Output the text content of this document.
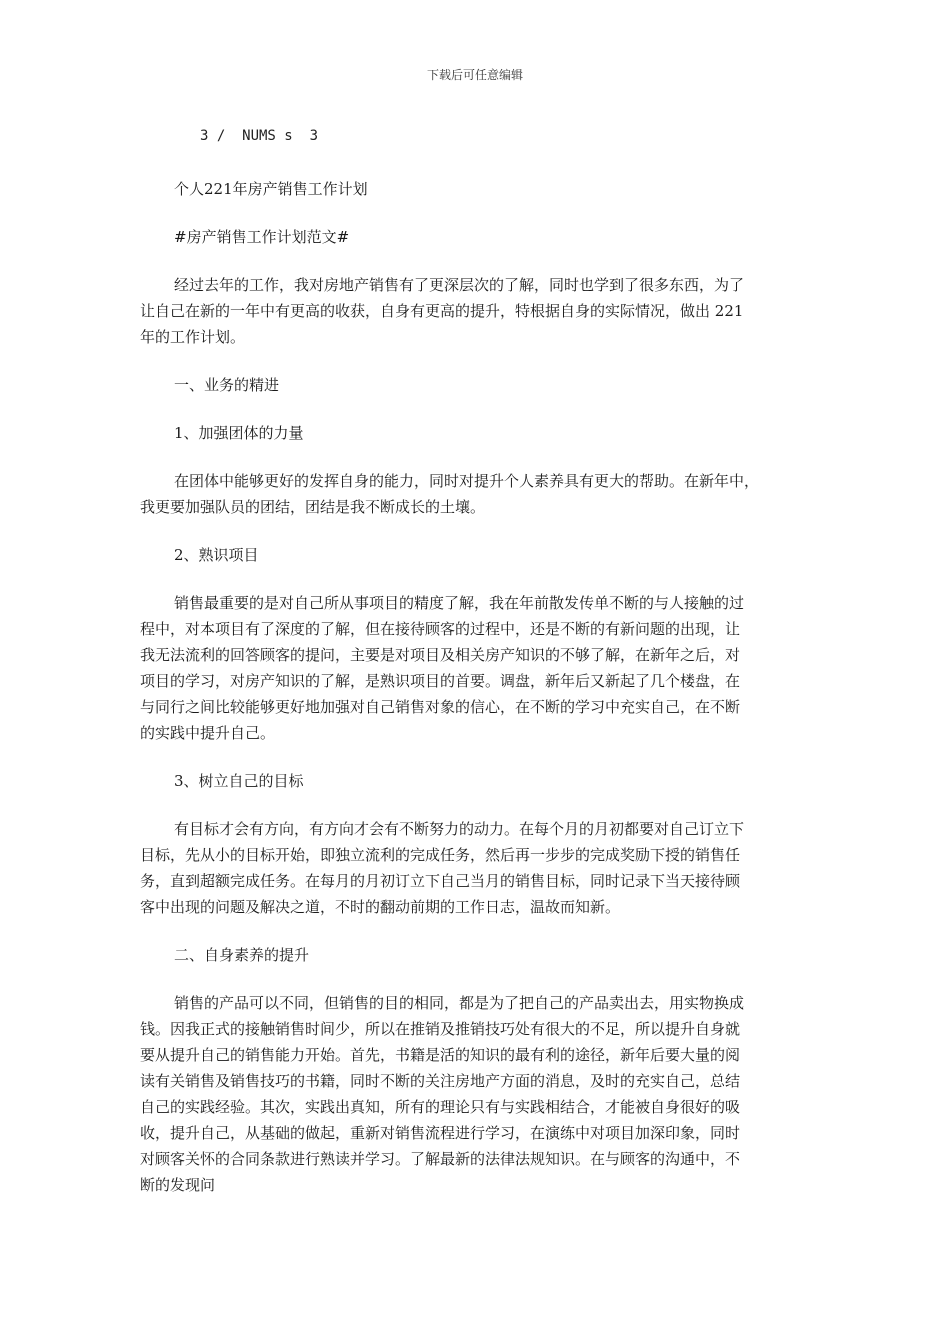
下载后可任意编辑
3 /  NUMS s  3

个人221年房产销售工作计划

#房产销售工作计划范文#

经过去年的工作，我对房地产销售有了更深层次的了解，同时也学到了很多东西，为了

让自己在新的一年中有更高的收获，自身有更高的提升，特根据自身的实际情况，做出 221

年的工作计划。

一、业务的精进

1、加强团体的力量

在团体中能够更好的发挥自身的能力，同时对提升个人素养具有更大的帮助。在新年中，

我更要加强队员的团结，团结是我不断成长的土壤。

2、熟识项目

销售最重要的是对自己所从事项目的精度了解，我在年前散发传单不断的与人接触的过

程中，对本项目有了深度的了解，但在接待顾客的过程中，还是不断的有新问题的出现，让

我无法流利的回答顾客的提问，主要是对项目及相关房产知识的不够了解，在新年之后，对

项目的学习，对房产知识的了解，是熟识项目的首要。调盘，新年后又新起了几个楼盘，在

与同行之间比较能够更好地加强对自己销售对象的信心，在不断的学习中充实自己，在不断

的实践中提升自己。

3、树立自己的目标

有目标才会有方向，有方向才会有不断努力的动力。在每个月的月初都要对自己订立下

目标，先从小的目标开始，即独立流利的完成任务，然后再一步步的完成奖励下授的销售任

务，直到超额完成任务。在每月的月初订立下自己当月的销售目标，同时记录下当天接待顾

客中出现的问题及解决之道，不时的翻动前期的工作日志，温故而知新。

二、自身素养的提升

销售的产品可以不同，但销售的目的相同，都是为了把自己的产品卖出去，用实物换成

钱。因我正式的接触销售时间少，所以在推销及推销技巧处有很大的不足，所以提升自身就

要从提升自己的销售能力开始。首先，书籍是活的知识的最有利的途径，新年后要大量的阅

读有关销售及销售技巧的书籍，同时不断的关注房地产方面的消息，及时的充实自己，总结

自己的实践经验。其次，实践出真知，所有的理论只有与实践相结合，才能被自身很好的吸

收，提升自己，从基础的做起，重新对销售流程进行学习，在演练中对项目加深印象，同时

对顾客关怀的合同条款进行熟读并学习。了解最新的法律法规知识。在与顾客的沟通中，不

断的发现问
